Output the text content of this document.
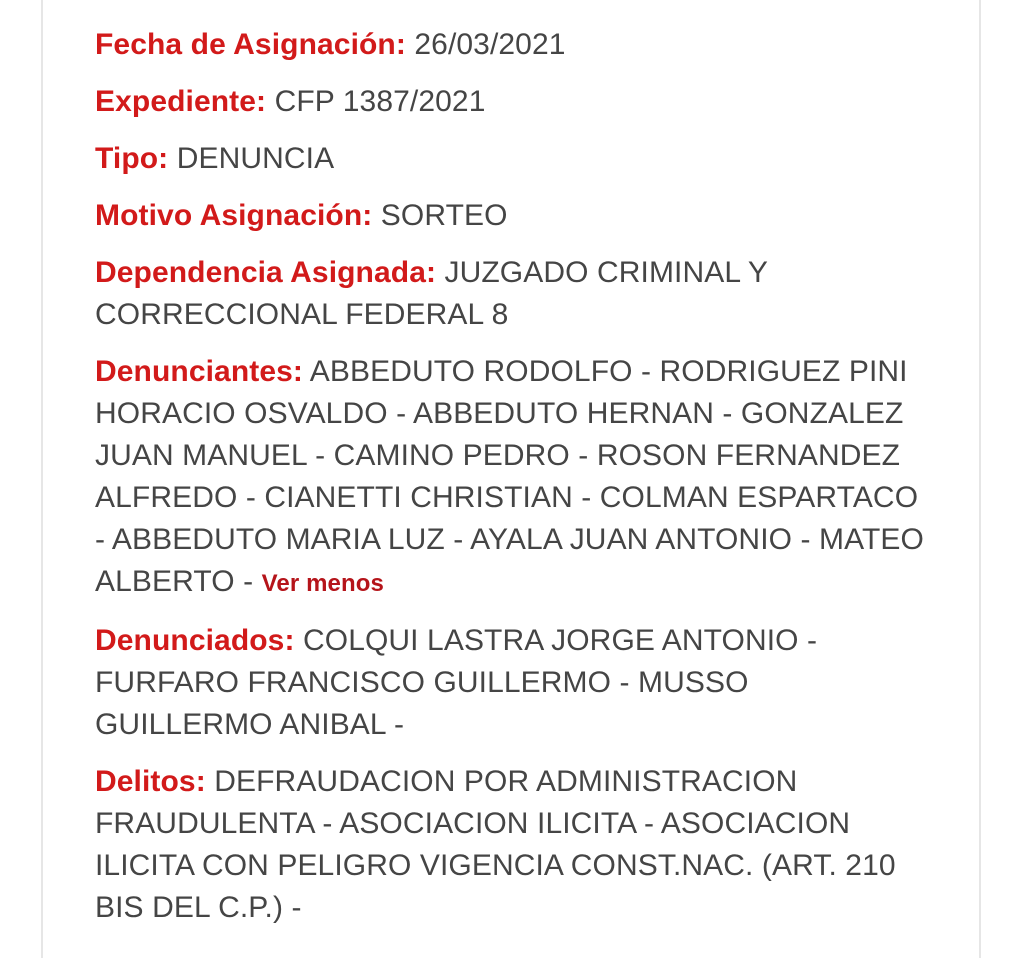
Fecha de Asignación: 26/03/2021
Expediente: CFP 1387/2021
Tipo: DENUNCIA
Motivo Asignación: SORTEO
Dependencia Asignada: JUZGADO CRIMINAL Y CORRECCIONAL FEDERAL 8
Denunciantes: ABBEDUTO RODOLFO - RODRIGUEZ PINI HORACIO OSVALDO - ABBEDUTO HERNAN - GONZALEZ JUAN MANUEL - CAMINO PEDRO - ROSON FERNANDEZ ALFREDO - CIANETTI CHRISTIAN - COLMAN ESPARTACO - ABBEDUTO MARIA LUZ - AYALA JUAN ANTONIO - MATEO ALBERTO - Ver menos
Denunciados: COLQUI LASTRA JORGE ANTONIO - FURFARO FRANCISCO GUILLERMO - MUSSO GUILLERMO ANIBAL -
Delitos: DEFRAUDACION POR ADMINISTRACION FRAUDULENTA - ASOCIACION ILICITA - ASOCIACION ILICITA CON PELIGRO VIGENCIA CONST.NAC. (ART. 210 BIS DEL C.P.) -
